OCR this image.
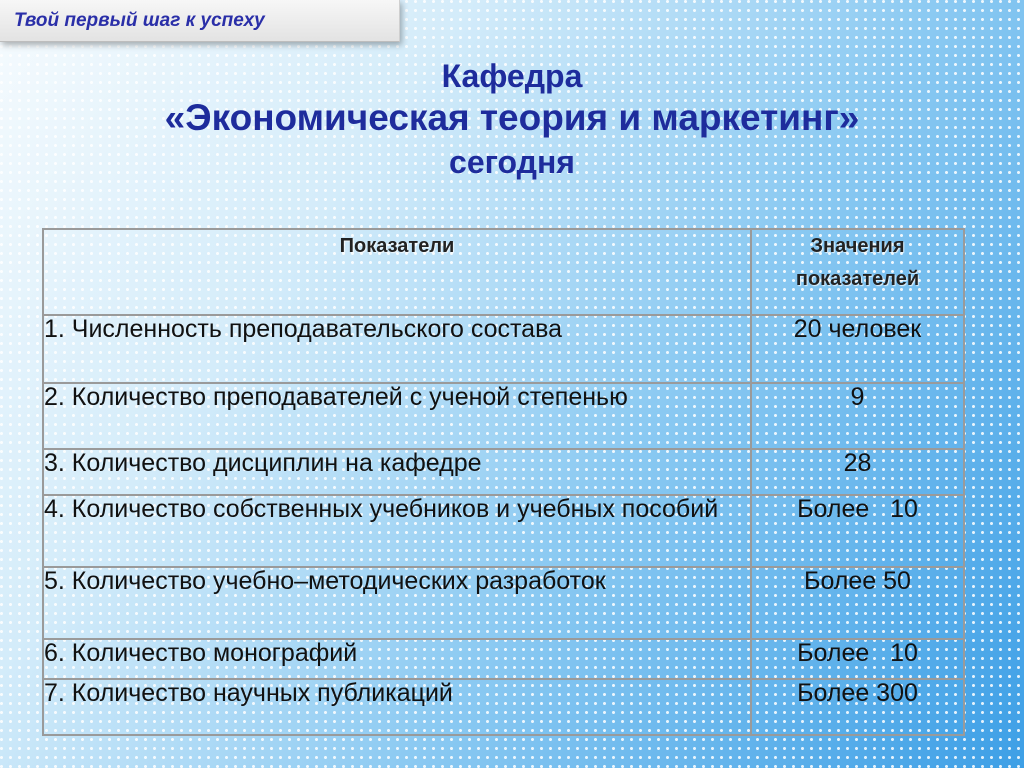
Твой первый шаг к успеху
Кафедра
«Экономическая теория и маркетинг»
сегодня
Показатели	Значения показателей
1. Численность преподавательского состава	20 человек
2. Количество преподавателей с ученой степенью	9
3. Количество дисциплин на кафедре	28
4. Количество собственных учебников и учебных пособий	Более   10
5. Количество учебно–методических разработок	Более 50
6. Количество монографий	Более   10
7. Количество научных публикаций	Более 300
